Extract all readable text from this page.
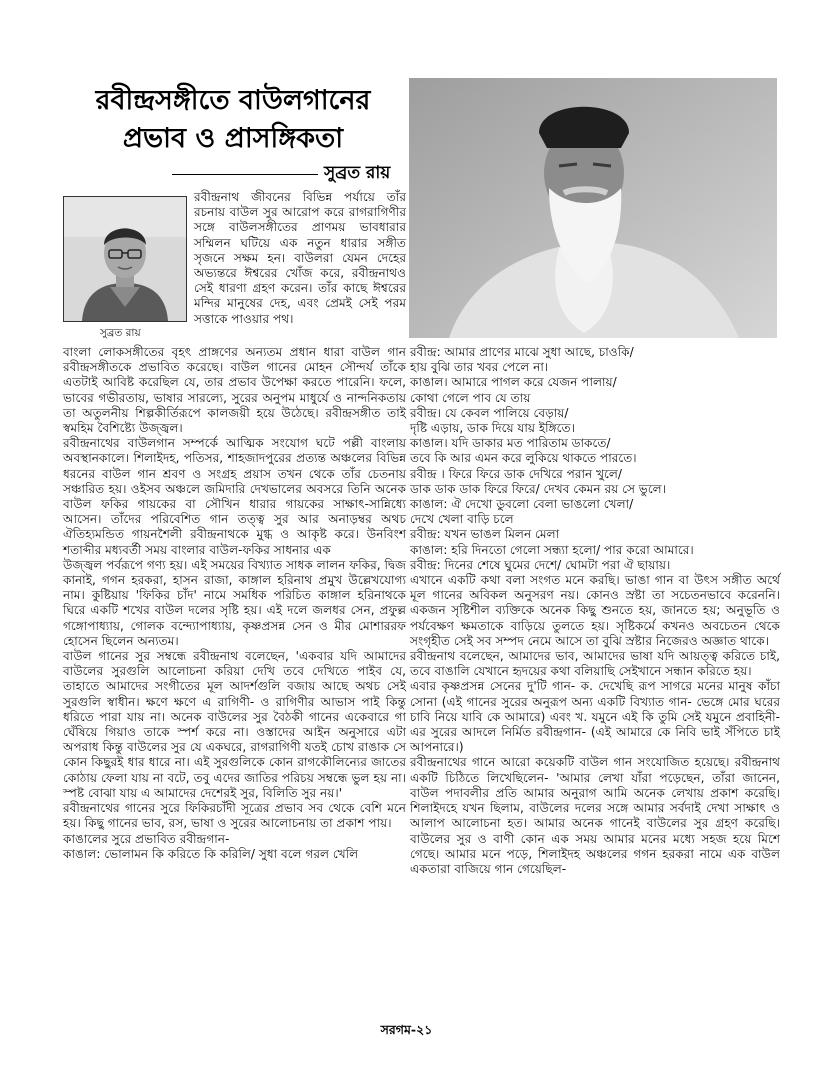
রবীন্দ্রসঙ্গীতে বাউলগানের প্রভাব ও প্রাসঙ্গিকতা
সুব্রত রায়
সুব্রত রায়
রবীন্দ্রনাথ জীবনের বিভিন্ন পর্যায়ে তাঁর রচনায় বাউল সুর আরোপ করে রাগরাগিণীর সঙ্গে বাউলসঙ্গীতের প্রাণময় ভাবধারার সম্মিলন ঘটিয়ে এক নতুন ধারার সঙ্গীত সৃজনে সক্ষম হন। বাউলরা যেমন দেহের অভ্যন্তরে ঈশ্বরের খোঁজ করে, রবীন্দ্রনাথও সেই ধারণা গ্রহণ করেন। তাঁর কাছে ঈশ্বরের মন্দির মানুষের দেহ, এবং প্রেমই সেই পরম সত্তাকে পাওয়ার পথ।

বাংলা লোকসঙ্গীতের বৃহৎ প্রাঙ্গণের অন্যতম প্রধান ধারা বাউল গান রবীন্দ্রসঙ্গীতকে প্রভাবিত করেছে। বাউল গানের মোহন সৌন্দর্য তাঁকে এতটাই আবিষ্ট করেছিল যে, তার প্রভাব উপেক্ষা করতে পারেনি। ফলে, ভাবের গভীরতায়, ভাষার সারল্যে, সুরের অনুপম মাধুর্যে ও নান্দনিকতায় তা অতুলনীয় শিল্পকীর্তিরূপে কালজয়ী হয়ে উঠেছে। রবীন্দ্রসঙ্গীত তাই স্বমহিম বৈশিষ্ট্যে উজ্জ্বল।

রবীন্দ্রনাথের বাউলগান সম্পর্কে আত্মিক সংযোগ ঘটে পল্লী বাংলায় অবস্থানকালে। শিলাইদহ, পতিসর, শাহজাদপুরের প্রত্যন্ত অঞ্চলের বিভিন্ন ধরনের বাউল গান শ্রবণ ও সংগ্রহ প্রয়াস তখন থেকে তাঁর চেতনায় সঞ্চারিত হয়। ওইসব অঞ্চলে জমিদারি দেখভালের অবসরে তিনি অনেক বাউল ফকির গায়কের বা সৌখিন ধারার গায়কের সাক্ষাৎ-সান্নিধ্যে আসেন। তাঁদের পরিবেশিত গান তত্ত্ব সুর আর অনাড়ম্বর অথচ ঐতিহ্যমন্ডিত গায়নশৈলী রবীন্দ্রনাথকে মুগ্ধ ও আকৃষ্ট করে। উনবিংশ শতাব্দীর মধ্যবর্তী সময় বাংলার বাউল-ফকির সাধনার এক

উজ্জ্বল পর্বরূপে গণ্য হয়। এই সময়ের বিখ্যাত সাধক লালন ফকির, দ্বিজ কানাই, গগন হরকরা, হাসন রাজা, কাঙ্গাল হরিনাথ প্রমুখ উল্লেখযোগ্য নাম। কুষ্টিয়ায় 'ফিকির চাঁদ' নামে সমধিক পরিচিত কাঙ্গাল হরিনাথকে ঘিরে একটি শখের বাউল দলের সৃষ্টি হয়। এই দলে জলধর সেন, প্রফুল্ল গঙ্গোপাধ্যায়, গোলক বন্দ্যোপাধ্যায়, কৃষ্ণপ্রসন্ন সেন ও মীর মোশাররফ হোসেন ছিলেন অন্যতম।

বাউল গানের সুর সম্বন্ধে রবীন্দ্রনাথ বলেছেন, 'একবার যদি আমাদের বাউলের সুরগুলি আলোচনা করিয়া দেখি তবে দেখিতে পাইব যে, তাহাতে আমাদের সংগীতের মূল আদর্শগুলি বজায় আছে অথচ সেই সুরগুলি স্বাধীন। ক্ষণে ক্ষণে এ রাগিণী- ও রাগিণীর আভাস পাই কিন্তু ধরিতে পারা যায় না। অনেক বাউলের সুর বৈঠকী গানের একেবারে গা ঘেঁষিয়ে গিয়াও তাকে স্পর্শ করে না। ওস্তাদের আইন অনুসারে এটা অপরাধ কিন্তু বাউলের সুর যে একঘরে, রাগরাগিণী যতই চোখ রাঙাক সে কোন কিছুরই ধার ধারে না। এই সুরগুলিকে কোন রাগকৌলিন্যের জাতের কোঠায় ফেলা যায় না বটে, তবু এদের জাতির পরিচয় সম্বন্ধে ভুল হয় না। স্পষ্ট বোঝা যায় এ আমাদের দেশেরই সুর, বিলিতি সুর নয়।'

রবীন্দ্রনাথের গানের সুরে ফিকিরচাঁদী সূত্রের প্রভাব সব থেকে বেশি মনে হয়। কিছু গানের ভাব, রস, ভাষা ও সুরের আলোচনায় তা প্রকাশ পায়।

কাঙালের সুরে প্রভাবিত রবীন্দ্রগান-

কাঙাল: ভোলামন কি করিতে কি করিলি/ সুধা বলে গরল খেলি

রবীন্দ্র: আমার প্রাণের মাঝে সুধা আছে, চাওকি/

হায় বুঝি তার খবর পেলে না।

কাঙাল। আমারে পাগল করে যেজন পালায়/

কোথা গেলে পাব যে তায়

রবীন্দ্র। যে কেবল পালিয়ে বেড়ায়/

দৃষ্টি এড়ায়, ডাক দিয়ে যায় ইঙ্গিতে।

কাঙাল। যদি ডাকার মত পারিতাম ডাকতে/

তবে কি আর এমন করে লুকিয়ে থাকতে পারতে।

রবীন্দ্র । ফিরে ফিরে ডাক দেখিরে পরান খুলে/

ডাক ডাক ডাক ফিরে ফিরে/ দেখব কেমন রয় সে ভুলে।

কাঙাল: ঐ দেখো ডুবলো বেলা ভাঙলো খেলা/

দেখে খেলা বাড়ি চলে

রবীন্দ্র: যখন ভাঙল মিলন মেলা

কাঙাল: হরি দিনতো গেলো সন্ধ্যা হলো/ পার করো আমারে।

রবীন্দ্র: দিনের শেষে ঘুমের দেশে/ ঘোমটা পরা ঐ ছায়ায়।

এখানে একটি কথা বলা সংগত মনে করছি। ভাঙা গান বা উৎস সঙ্গীত অর্থে মূল গানের অবিকল অনুসরণ নয়। কোনও স্রষ্টা তা সচেতনভাবে করেননি। একজন সৃষ্টিশীল ব্যক্তিকে অনেক কিছু শুনতে হয়, জানতে হয়; অনুভূতি ও পর্যবেক্ষণ ক্ষমতাকে বাড়িয়ে তুলতে হয়। সৃষ্টিকর্মে কখনও অবচেতন থেকে সংগৃহীত সেই সব সম্পদ নেমে আসে তা বুঝি স্রষ্টার নিজেরও অজ্ঞাত থাকে।

রবীন্দ্রনাথ বলেছেন, আমাদের ভাব, আমাদের ভাষা যদি আয়ত্ত্ব করিতে চাই, তবে বাঙালি যেখানে হৃদয়ের কথা বলিয়াছি সেইখানে সন্ধান করিতে হয়।

এবার কৃষ্ণপ্রসন্ন সেনের দু'টি গান- ক. দেখেছি রূপ সাগরে মনের মানুষ কাঁচা সোনা (এই গানের সুরের অনুরূপ অন্য একটি বিখ্যাত গান- ভেঙ্গে মোর ঘরের চাবি নিয়ে যাবি কে আমারে) এবং খ. যমুনে এই কি তুমি সেই যমুনে প্রবাহিনী- এর সুরের আদলে নির্মিত রবীন্দ্রগান- (এই আমারে কে নিবি ভাই সঁপিতে চাই আপনারে।)

রবীন্দ্রনাথের গানে আরো কয়েকটি বাউল গান সংযোজিত হয়েছে। রবীন্দ্রনাথ একটি চিঠিতে লিখেছিলেন- 'আমার লেখা যাঁরা পড়েছেন, তাঁরা জানেন, বাউল পদাবলীর প্রতি আমার অনুরাগ আমি অনেক লেখায় প্রকাশ করেছি। শিলাইদহে যখন ছিলাম, বাউলের দলের সঙ্গে আমার সর্বদাই দেখা সাক্ষাৎ ও আলাপ আলোচনা হত। আমার অনেক গানেই বাউলের সুর গ্রহণ করেছি। বাউলের সুর ও বাণী কোন এক সময় আমার মনের মধ্যে সহজ হয়ে মিশে গেছে। আমার মনে পড়ে, শিলাইদহ অঞ্চলের গগন হরকরা নামে এক বাউল একতারা বাজিয়ে গান গেয়েছিল-

সরগম-২১
